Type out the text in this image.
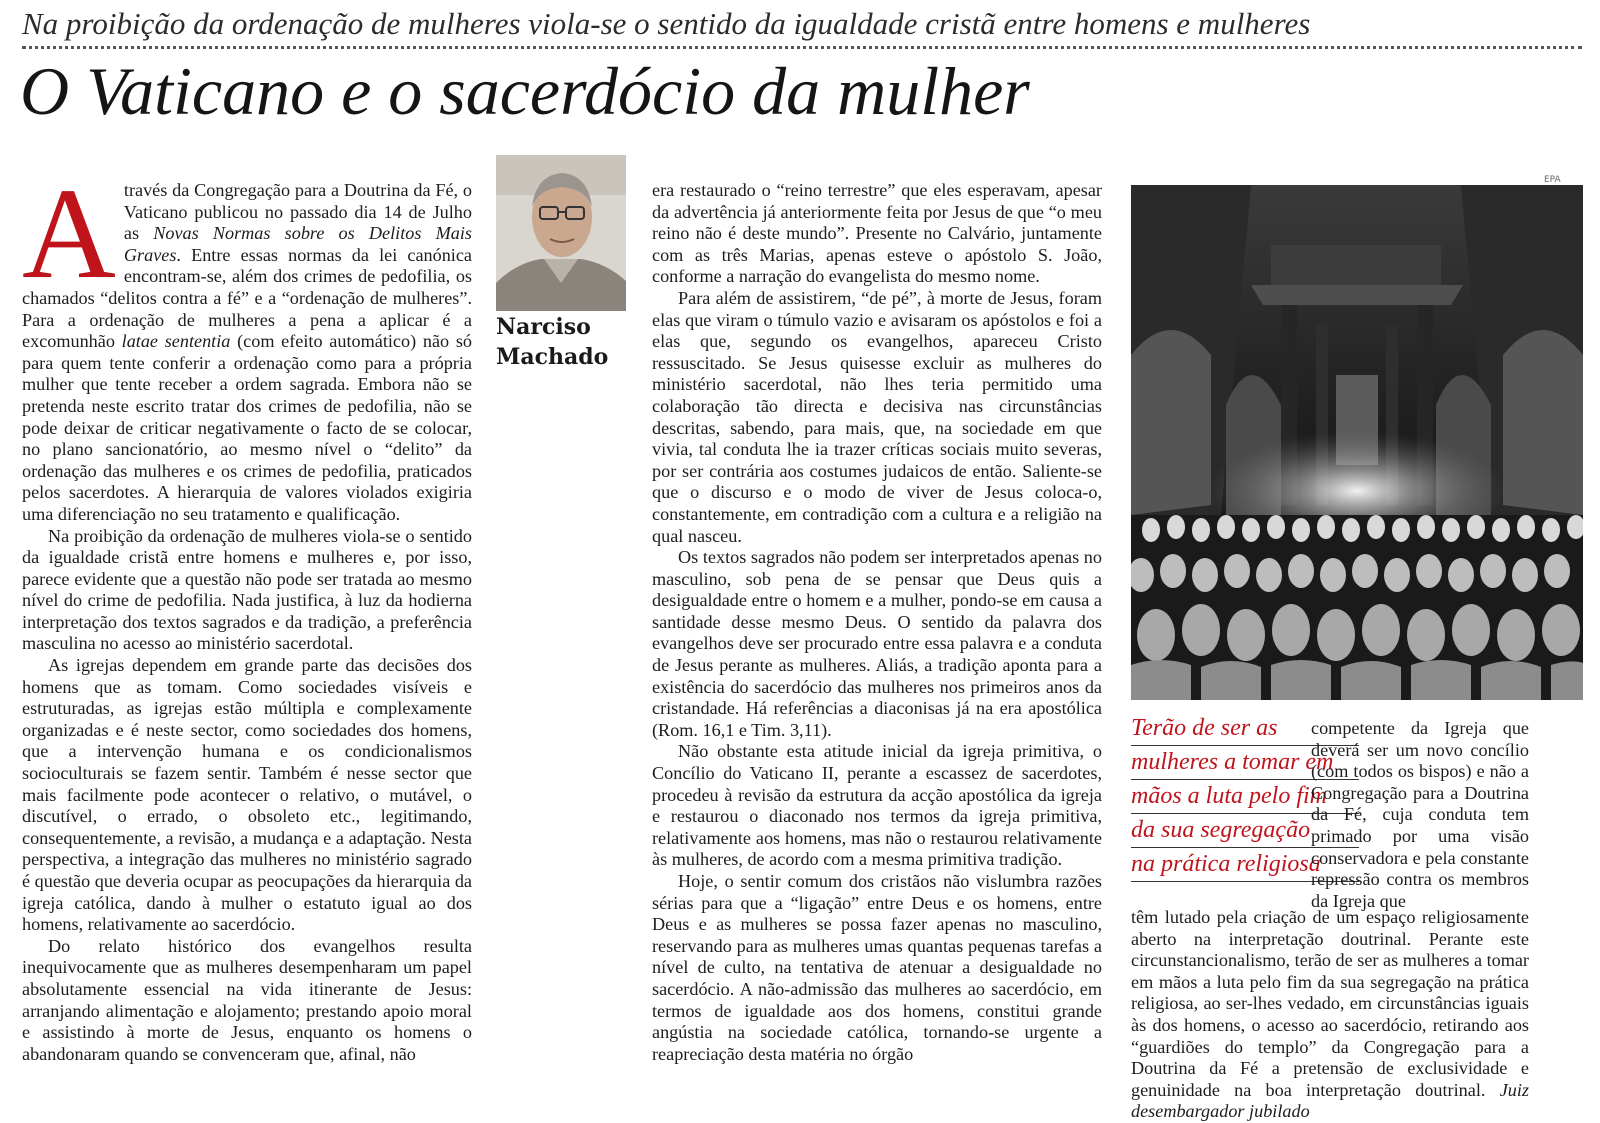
Na proibição da ordenação de mulheres viola-se o sentido da igualdade cristã entre homens e mulheres
O Vaticano e o sacerdócio da mulher

Através da Congregação para a Doutrina da Fé, o Vaticano publicou no passado dia 14 de Julho as Novas Normas sobre os Delitos Mais Graves. Entre essas normas da lei canónica encontram-se, além dos crimes de pedofilia, os chamados “delitos contra a fé” e a “ordenação de mulheres”. Para a ordenação de mulheres a pena a aplicar é a excomunhão latae sententia (com efeito automático) não só para quem tente conferir a ordenação como para a própria mulher que tente receber a ordem sagrada. Embora não se pretenda neste escrito tratar dos crimes de pedofilia, não se pode deixar de criticar negativamente o facto de se colocar, no plano sancionatório, ao mesmo nível o “delito” da ordenação das mulheres e os crimes de pedofilia, praticados pelos sacerdotes. A hierarquia de valores violados exigiria uma diferenciação no seu tratamento e qualificação.

Na proibição da ordenação de mulheres viola-se o sentido da igualdade cristã entre homens e mulheres e, por isso, parece evidente que a questão não pode ser tratada ao mesmo nível do crime de pedofilia. Nada justifica, à luz da hodierna interpretação dos textos sagrados e da tradição, a preferência masculina no acesso ao ministério sacerdotal.

As igrejas dependem em grande parte das decisões dos homens que as tomam. Como sociedades visíveis e estruturadas, as igrejas estão múltipla e complexamente organizadas e é neste sector, como sociedades dos homens, que a intervenção humana e os condicionalismos socioculturais se fazem sentir. Também é nesse sector que mais facilmente pode acontecer o relativo, o mutável, o discutível, o errado, o obsoleto etc., legitimando, consequentemente, a revisão, a mudança e a adaptação. Nesta perspectiva, a integração das mulheres no ministério sagrado é questão que deveria ocupar as peocupações da hierarquia da igreja católica, dando à mulher o estatuto igual ao dos homens, relativamente ao sacerdócio.

Do relato histórico dos evangelhos resulta inequivocamente que as mulheres desempenharam um papel absolutamente essencial na vida itinerante de Jesus: arranjando alimentação e alojamento; prestando apoio moral e assistindo à morte de Jesus, enquanto os homens o abandonaram quando se convenceram que, afinal, não

Narciso
Machado

era restaurado o “reino terrestre” que eles esperavam, apesar da advertência já anteriormente feita por Jesus de que “o meu reino não é deste mundo”. Presente no Calvário, juntamente com as três Marias, apenas esteve o apóstolo S. João, conforme a narração do evangelista do mesmo nome.

Para além de assistirem, “de pé”, à morte de Jesus, foram elas que viram o túmulo vazio e avisaram os apóstolos e foi a elas que, segundo os evangelhos, apareceu Cristo ressuscitado. Se Jesus quisesse excluir as mulheres do ministério sacerdotal, não lhes teria permitido uma colaboração tão directa e decisiva nas circunstâncias descritas, sabendo, para mais, que, na sociedade em que vivia, tal conduta lhe ia trazer críticas sociais muito severas, por ser contrária aos costumes judaicos de então. Saliente-se que o discurso e o modo de viver de Jesus coloca-o, constantemente, em contradição com a cultura e a religião na qual nasceu.

Os textos sagrados não podem ser interpretados apenas no masculino, sob pena de se pensar que Deus quis a desigualdade entre o homem e a mulher, pondo-se em causa a santidade desse mesmo Deus. O sentido da palavra dos evangelhos deve ser procurado entre essa palavra e a conduta de Jesus perante as mulheres. Aliás, a tradição aponta para a existência do sacerdócio das mulheres nos primeiros anos da cristandade. Há referências a diaconisas já na era apostólica (Rom. 16,1 e Tim. 3,11).

Não obstante esta atitude inicial da igreja primitiva, o Concílio do Vaticano II, perante a escassez de sacerdotes, procedeu à revisão da estrutura da acção apostólica da igreja e restaurou o diaconado nos termos da igreja primitiva, relativamente aos homens, mas não o restaurou relativamente às mulheres, de acordo com a mesma primitiva tradição.

Hoje, o sentir comum dos cristãos não vislumbra razões sérias para que a “ligação” entre Deus e os homens, entre Deus e as mulheres se possa fazer apenas no masculino, reservando para as mulheres umas quantas pequenas tarefas a nível de culto, na tentativa de atenuar a desigualdade no sacerdócio. A não-admissão das mulheres ao sacerdócio, em termos de igualdade aos dos homens, constitui grande angústia na sociedade católica, tornando-se urgente a reapreciação desta matéria no órgão

EPA
Terão de ser as
mulheres a tomar em
mãos a luta pelo fim
da sua segregação
na prática religiosa

competente da Igreja que deverá ser um novo concílio (com todos os bispos) e não a Congregação para a Doutrina da Fé, cuja conduta tem primado por uma visão conservadora e pela constante repressão contra os membros da Igreja que

têm lutado pela criação de um espaço religiosamente aberto na interpretação doutrinal. Perante este circunstancionalismo, terão de ser as mulheres a tomar em mãos a luta pelo fim da sua segregação na prática religiosa, ao ser-lhes vedado, em circunstâncias iguais às dos homens, o acesso ao sacerdócio, retirando aos “guardiões do templo” da Congregação para a Doutrina da Fé a pretensão de exclusividade e genuinidade na boa interpretação doutrinal. Juiz desembargador jubilado
